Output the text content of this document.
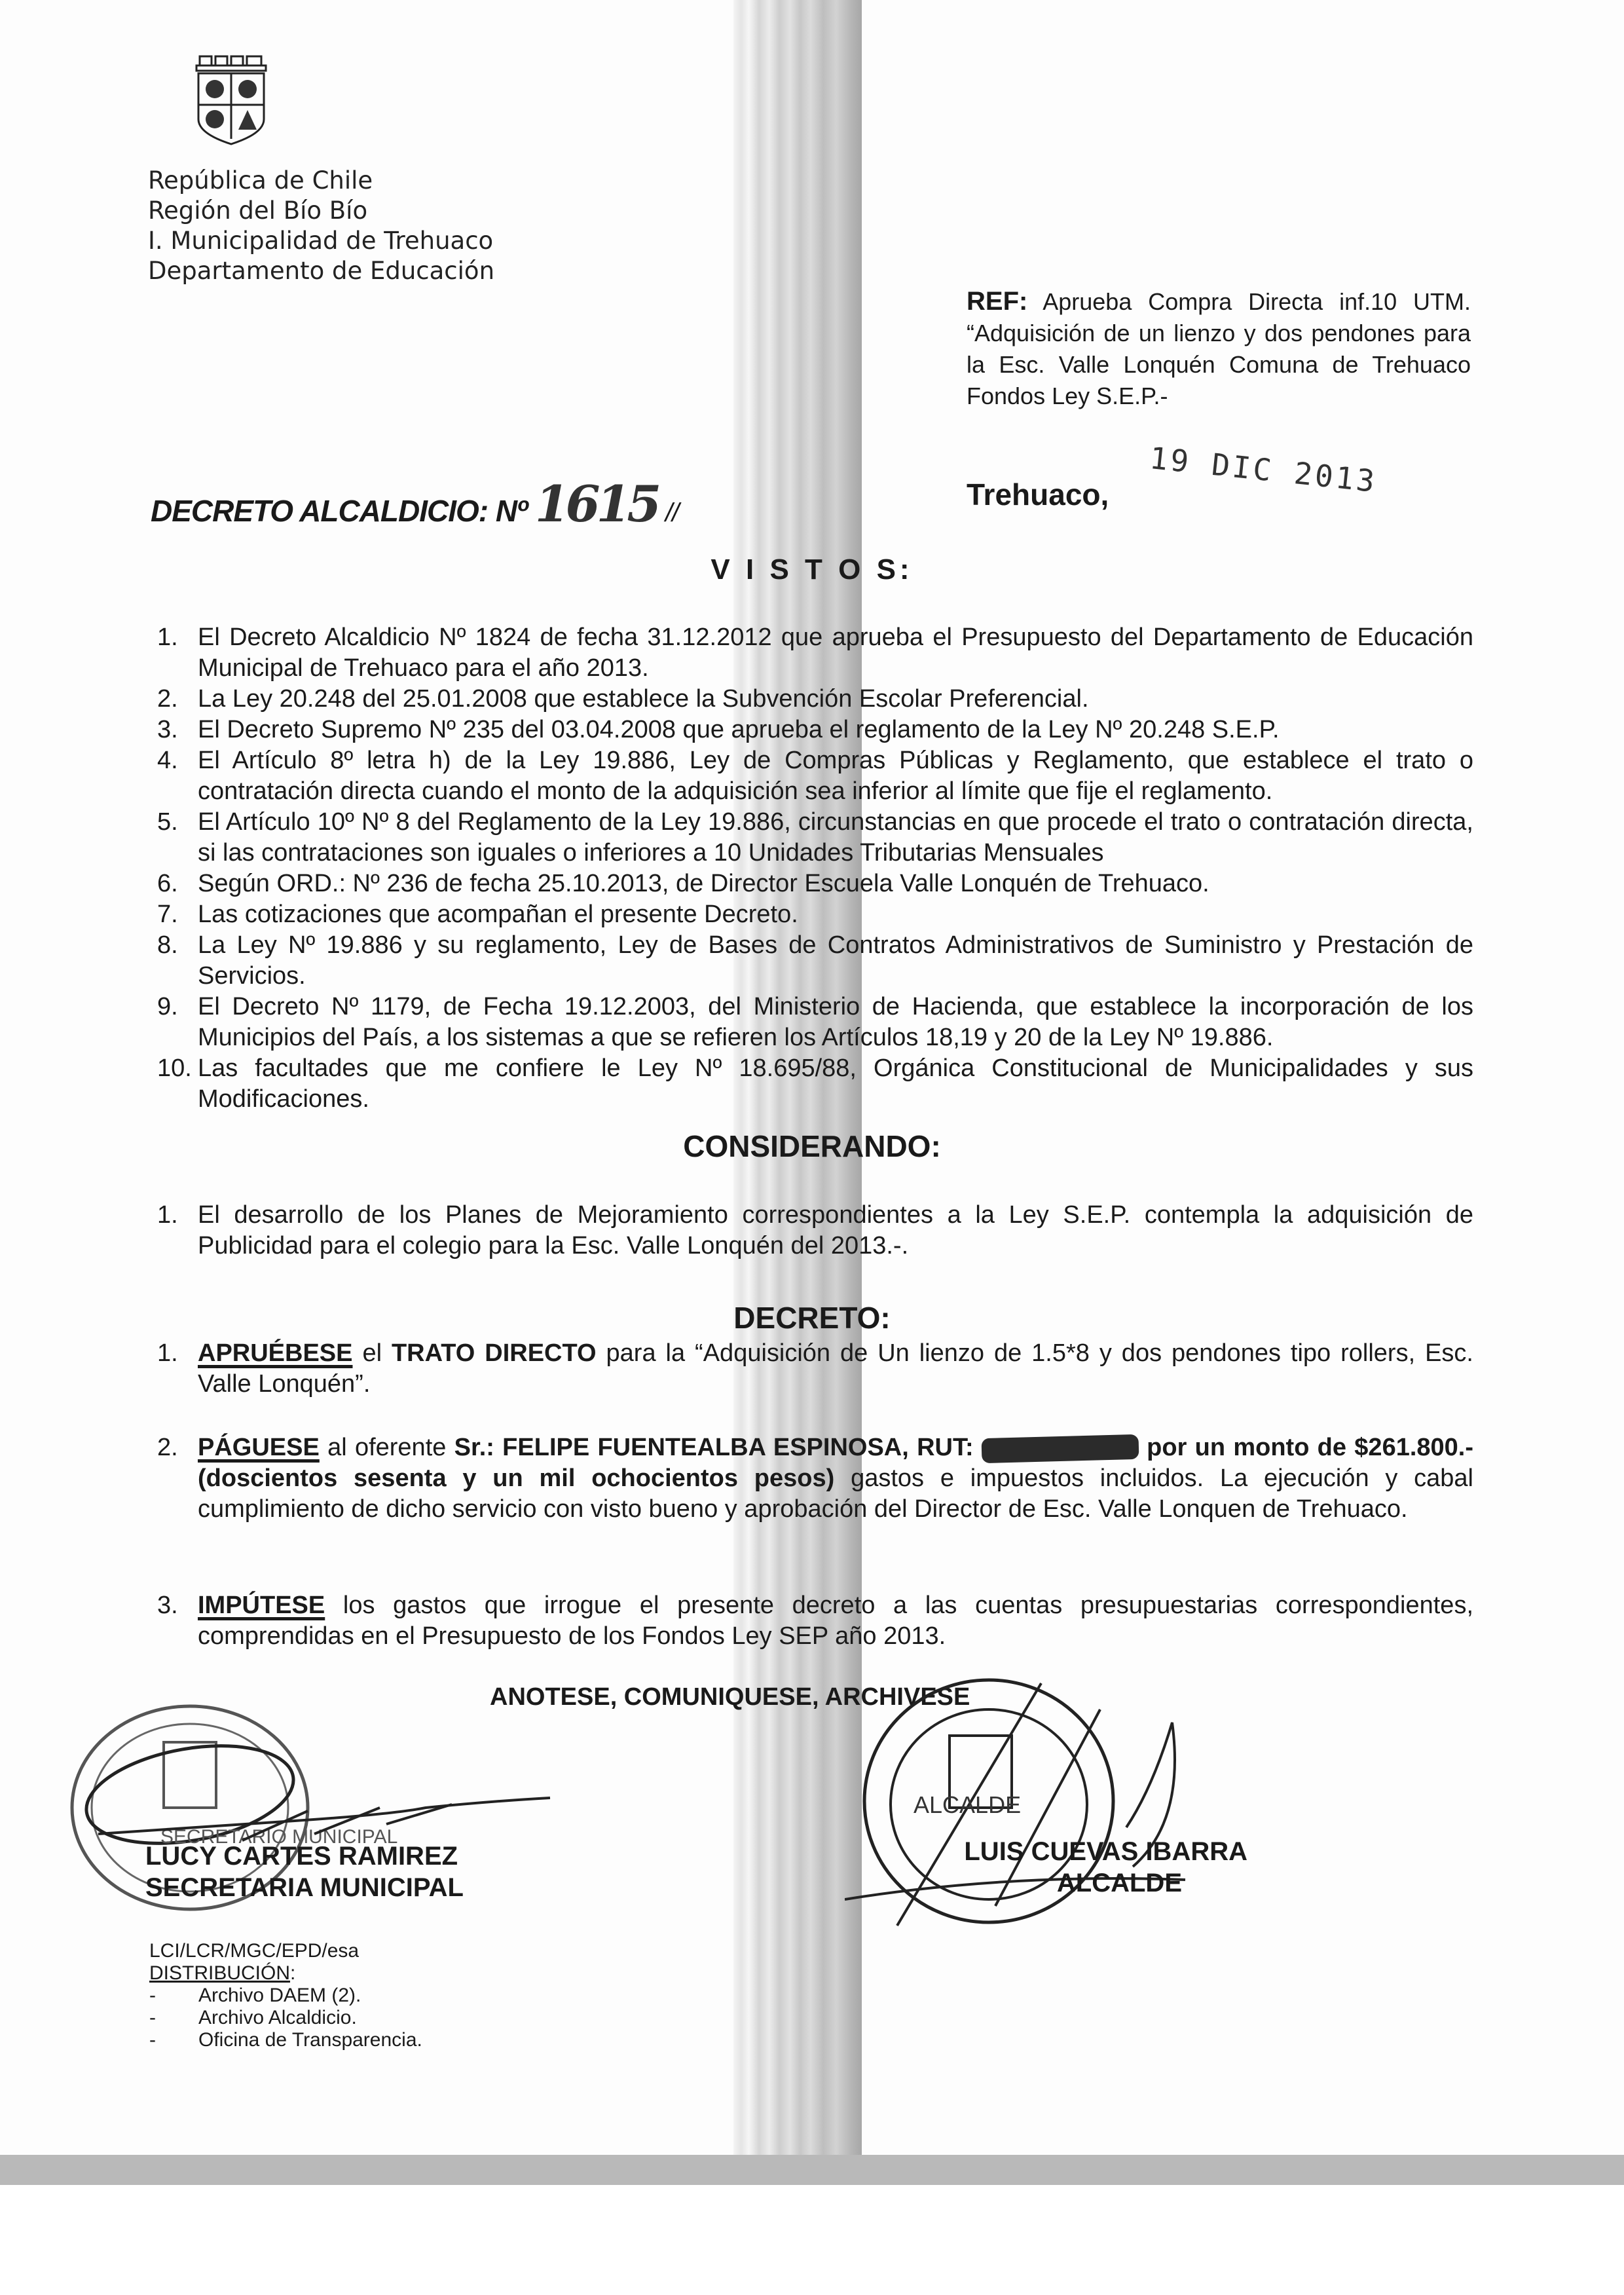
República de Chile
Región del Bío Bío
I. Municipalidad de Trehuaco
Departamento de Educación
REF: Aprueba Compra Directa inf.10 UTM. “Adquisición de un lienzo y dos pendones para la Esc. Valle Lonquén Comuna de Trehuaco Fondos Ley S.E.P.-
DECRETO ALCALDICIO: Nº 1615 //
Trehuaco, 19 DIC 2013
V I S T O S:
1. El Decreto Alcaldicio Nº 1824 de fecha 31.12.2012 que aprueba el Presupuesto del Departamento de Educación Municipal de Trehuaco para el año 2013.
2. La Ley 20.248 del 25.01.2008 que establece la Subvención Escolar Preferencial.
3. El Decreto Supremo Nº 235 del 03.04.2008 que aprueba el reglamento de la Ley Nº 20.248 S.E.P.
4. El Artículo 8º letra h) de la Ley 19.886, Ley de Compras Públicas y Reglamento, que establece el trato o contratación directa cuando el monto de la adquisición sea inferior al límite que fije el reglamento.
5. El Artículo 10º Nº 8 del Reglamento de la Ley 19.886, circunstancias en que procede el trato o contratación directa, si las contrataciones son iguales o inferiores a 10 Unidades Tributarias Mensuales
6. Según ORD.: Nº 236 de fecha 25.10.2013, de Director Escuela Valle Lonquén de Trehuaco.
7. Las cotizaciones que acompañan el presente Decreto.
8. La Ley Nº 19.886 y su reglamento, Ley de Bases de Contratos Administrativos de Suministro y Prestación de Servicios.
9. El Decreto Nº 1179, de Fecha 19.12.2003, del Ministerio de Hacienda, que establece la incorporación de los Municipios del País, a los sistemas a que se refieren los Artículos 18,19 y 20 de la Ley Nº 19.886.
10. Las facultades que me confiere le Ley Nº 18.695/88, Orgánica Constitucional de Municipalidades y sus Modificaciones.
CONSIDERANDO:
1. El desarrollo de los Planes de Mejoramiento correspondientes a la Ley S.E.P. contempla la adquisición de Publicidad para el colegio para la Esc. Valle Lonquén del 2013.-.
DECRETO:
1. APRUÉBESE el TRATO DIRECTO para la “Adquisición de Un lienzo de 1.5*8 y dos pendones tipo rollers, Esc. Valle Lonquén”.
2. PÁGUESE al oferente Sr.: FELIPE FUENTEALBA ESPINOSA, RUT:	por un monto de $261.800.- (doscientos sesenta y un mil ochocientos pesos) gastos e impuestos incluidos. La ejecución y cabal cumplimiento de dicho servicio con visto bueno y aprobación del Director de Esc. Valle Lonquen de Trehuaco.
3. IMPÚTESE los gastos que irrogue el presente decreto a las cuentas presupuestarias correspondientes, comprendidas en el Presupuesto de los Fondos Ley SEP año 2013.
ANOTESE, COMUNIQUESE, ARCHIVESE
SECRETARIO MUNICIPAL
LUCY CARTES RAMIREZ
SECRETARIA MUNICIPAL
ALCALDE
LUIS CUEVAS IBARRA
ALCALDE
LCI/LCR/MGC/EPD/esa
DISTRIBUCIÓN:
-	Archivo DAEM (2).
-	Archivo Alcaldicio.
-	Oficina de Transparencia.
